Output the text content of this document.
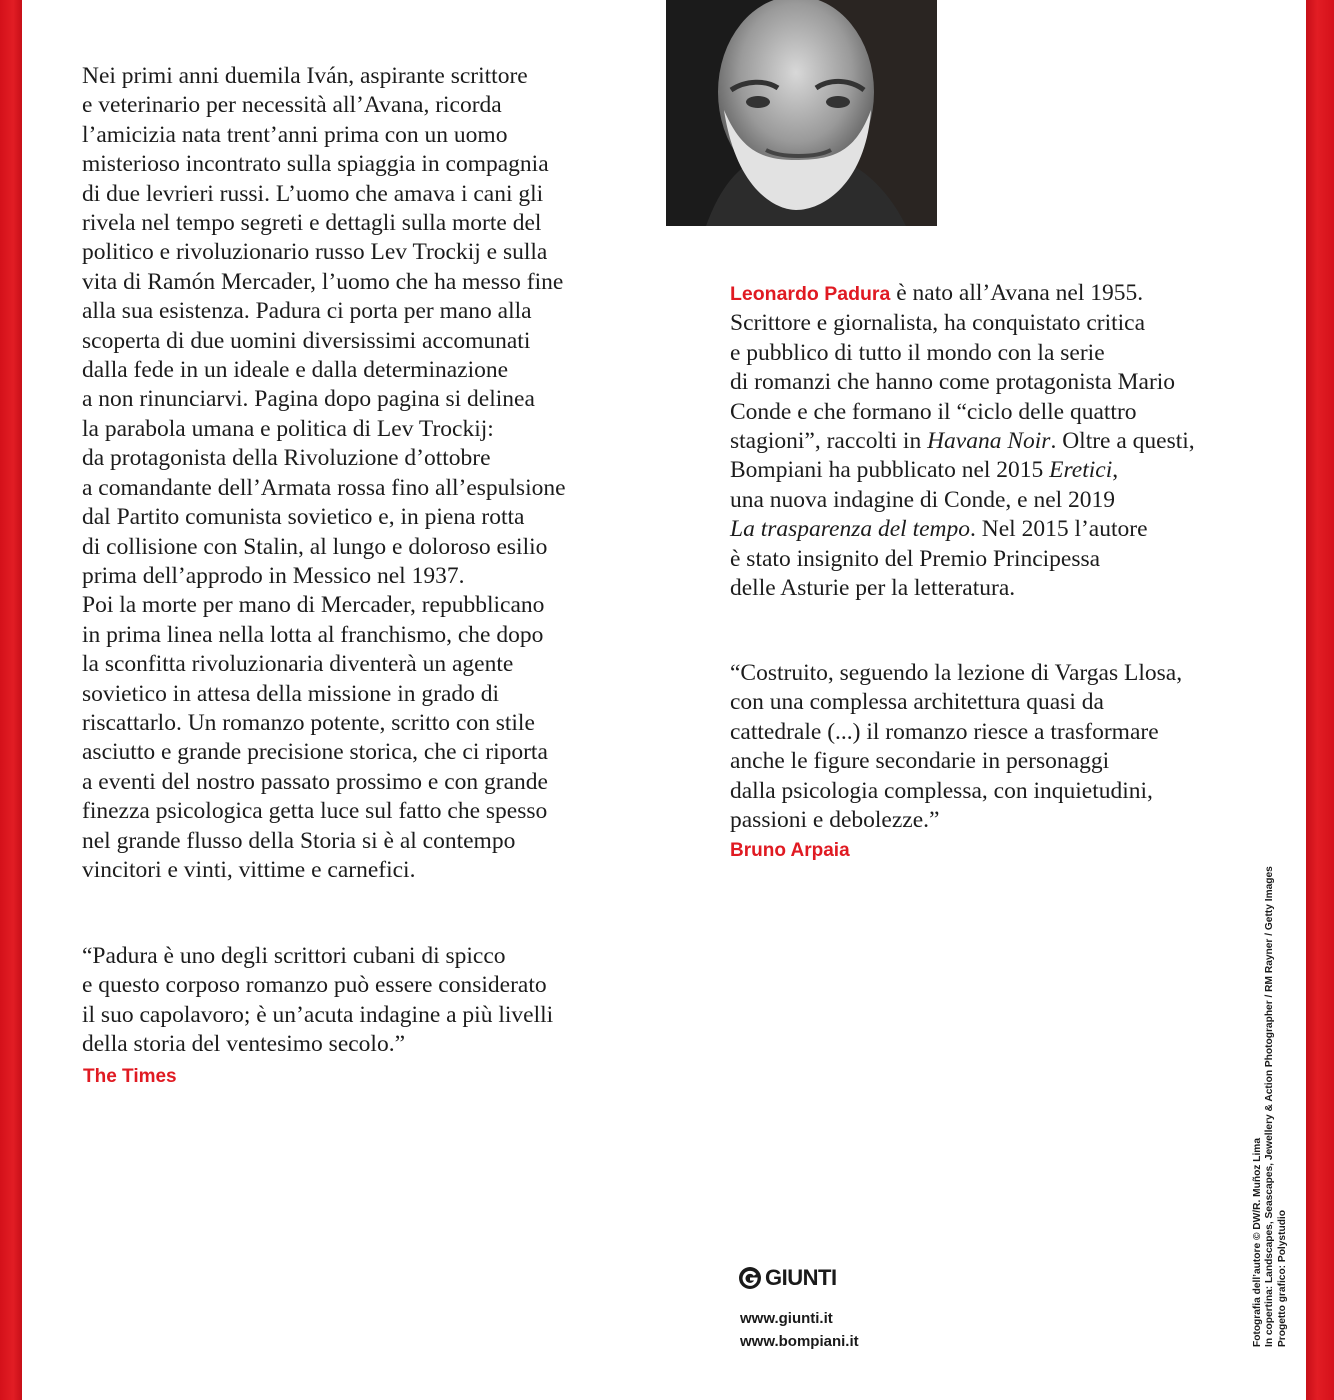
Nei primi anni duemila Iván, aspirante scrittore
e veterinario per necessità all’Avana, ricorda
l’amicizia nata trent’anni prima con un uomo
misterioso incontrato sulla spiaggia in compagnia
di due levrieri russi. L’uomo che amava i cani gli
rivela nel tempo segreti e dettagli sulla morte del
politico e rivoluzionario russo Lev Trockij e sulla
vita di Ramón Mercader, l’uomo che ha messo fine
alla sua esistenza. Padura ci porta per mano alla
scoperta di due uomini diversissimi accomunati
dalla fede in un ideale e dalla determinazione
a non rinunciarvi. Pagina dopo pagina si delinea
la parabola umana e politica di Lev Trockij:
da protagonista della Rivoluzione d’ottobre
a comandante dell’Armata rossa fino all’espulsione
dal Partito comunista sovietico e, in piena rotta
di collisione con Stalin, al lungo e doloroso esilio
prima dell’approdo in Messico nel 1937.
Poi la morte per mano di Mercader, repubblicano
in prima linea nella lotta al franchismo, che dopo
la sconfitta rivoluzionaria diventerà un agente
sovietico in attesa della missione in grado di
riscattarlo. Un romanzo potente, scritto con stile
asciutto e grande precisione storica, che ci riporta
a eventi del nostro passato prossimo e con grande
finezza psicologica getta luce sul fatto che spesso
nel grande flusso della Storia si è al contempo
vincitori e vinti, vittime e carnefici.
“Padura è uno degli scrittori cubani di spicco
e questo corposo romanzo può essere considerato
il suo capolavoro; è un’acuta indagine a più livelli
della storia del ventesimo secolo.”
The Times
Leonardo Padura è nato all’Avana nel 1955.
Scrittore e giornalista, ha conquistato critica
e pubblico di tutto il mondo con la serie
di romanzi che hanno come protagonista Mario
Conde e che formano il “ciclo delle quattro
stagioni”, raccolti in Havana Noir. Oltre a questi,
Bompiani ha pubblicato nel 2015 Eretici,
una nuova indagine di Conde, e nel 2019
La trasparenza del tempo. Nel 2015 l’autore
è stato insignito del Premio Principessa
delle Asturie per la letteratura.
“Costruito, seguendo la lezione di Vargas Llosa,
con una complessa architettura quasi da
cattedrale (...) il romanzo riesce a trasformare
anche le figure secondarie in personaggi
dalla psicologia complessa, con inquietudini,
passioni e debolezze.”
Bruno Arpaia
GIUNTI
www.giunti.it
www.bompiani.it	Fotografia dell’autore © DW/R. Muñoz Lima In copertina: Landscapes, Seascapes, Jewellery & Action Photographer / RM Rayner / Getty Images Progetto grafico: Polystudio
